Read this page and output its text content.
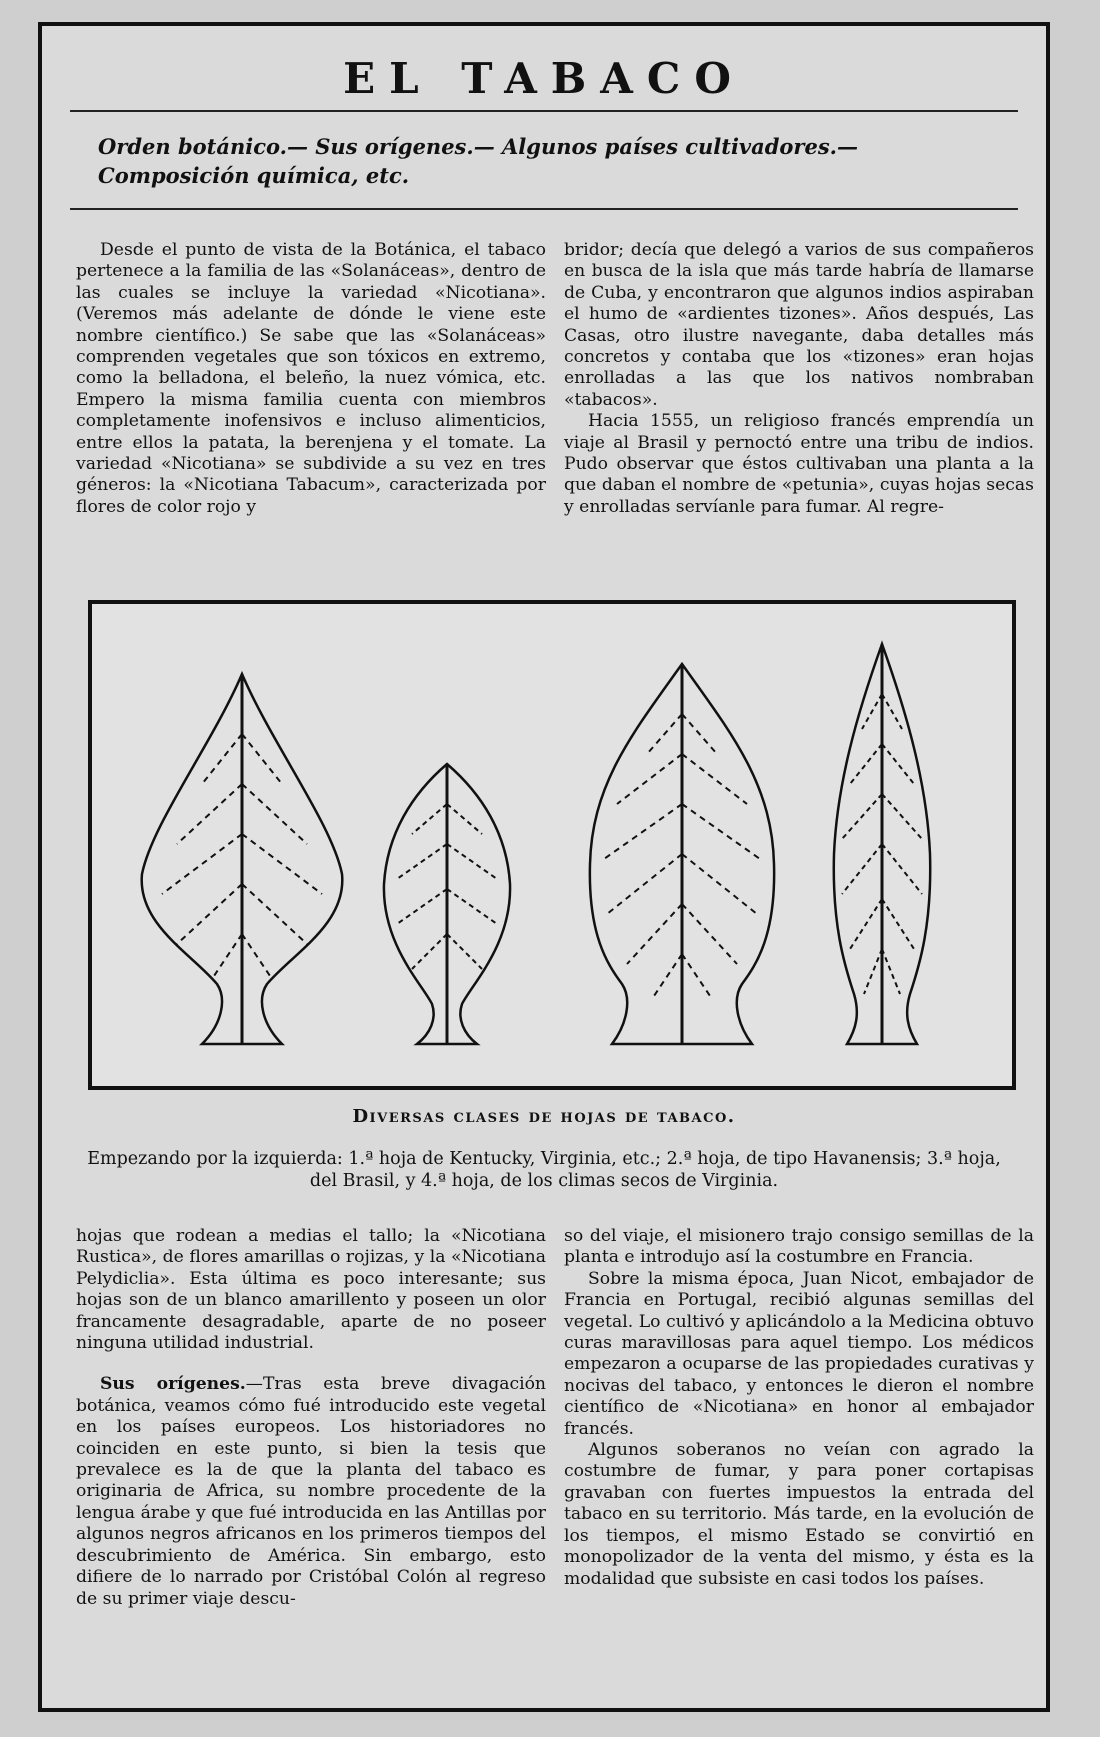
EL TABACO
Orden botánico.— Sus orígenes.— Algunos países cultivadores.— Composición química, etc.

Desde el punto de vista de la Botánica, el tabaco pertenece a la familia de las «Solanáceas», dentro de las cuales se incluye la variedad «Nicotiana». (Veremos más adelante de dónde le viene este nombre científico.) Se sabe que las «Solanáceas» comprenden vegetales que son tóxicos en extremo, como la belladona, el beleño, la nuez vómica, etc. Empero la misma familia cuenta con miembros completamente inofensivos e incluso alimenticios, entre ellos la patata, la berenjena y el tomate. La variedad «Nicotiana» se subdivide a su vez en tres géneros: la «Nicotiana Tabacum», caracterizada por flores de color rojo y

bridor; decía que delegó a varios de sus compañeros en busca de la isla que más tarde habría de llamarse de Cuba, y encontraron que algunos indios aspiraban el humo de «ardientes tizones». Años después, Las Casas, otro ilustre navegante, daba detalles más concretos y contaba que los «tizones» eran hojas enrolladas a las que los nativos nombraban «tabacos».

Hacia 1555, un religioso francés emprendía un viaje al Brasil y pernoctó entre una tribu de indios. Pudo observar que éstos cultivaban una planta a la que daban el nombre de «petunia», cuyas hojas secas y enrolladas servíanle para fumar. Al regre-

Diversas clases de hojas de tabaco.
Empezando por la izquierda: 1.ª hoja de Kentucky, Virginia, etc.; 2.ª hoja, de tipo Havanensis; 3.ª hoja, del Brasil, y 4.ª hoja, de los climas secos de Virginia.

hojas que rodean a medias el tallo; la «Nicotiana Rustica», de flores amarillas o rojizas, y la «Nicotiana Pelydiclia». Esta última es poco interesante; sus hojas son de un blanco amarillento y poseen un olor francamente desagradable, aparte de no poseer ninguna utilidad industrial.

Sus orígenes.—Tras esta breve divagación botánica, veamos cómo fué introducido este vegetal en los países europeos. Los historiadores no coinciden en este punto, si bien la tesis que prevalece es la de que la planta del tabaco es originaria de Africa, su nombre procedente de la lengua árabe y que fué introducida en las Antillas por algunos negros africanos en los primeros tiempos del descubrimiento de América. Sin embargo, esto difiere de lo narrado por Cristóbal Colón al regreso de su primer viaje descu-

so del viaje, el misionero trajo consigo semillas de la planta e introdujo así la costumbre en Francia.

Sobre la misma época, Juan Nicot, embajador de Francia en Portugal, recibió algunas semillas del vegetal. Lo cultivó y aplicándolo a la Medicina obtuvo curas maravillosas para aquel tiempo. Los médicos empezaron a ocuparse de las propiedades curativas y nocivas del tabaco, y entonces le dieron el nombre científico de «Nicotiana» en honor al embajador francés.

Algunos soberanos no veían con agrado la costumbre de fumar, y para poner cortapisas gravaban con fuertes impuestos la entrada del tabaco en su territorio. Más tarde, en la evolución de los tiempos, el mismo Estado se convirtió en monopolizador de la venta del mismo, y ésta es la modalidad que subsiste en casi todos los países.
